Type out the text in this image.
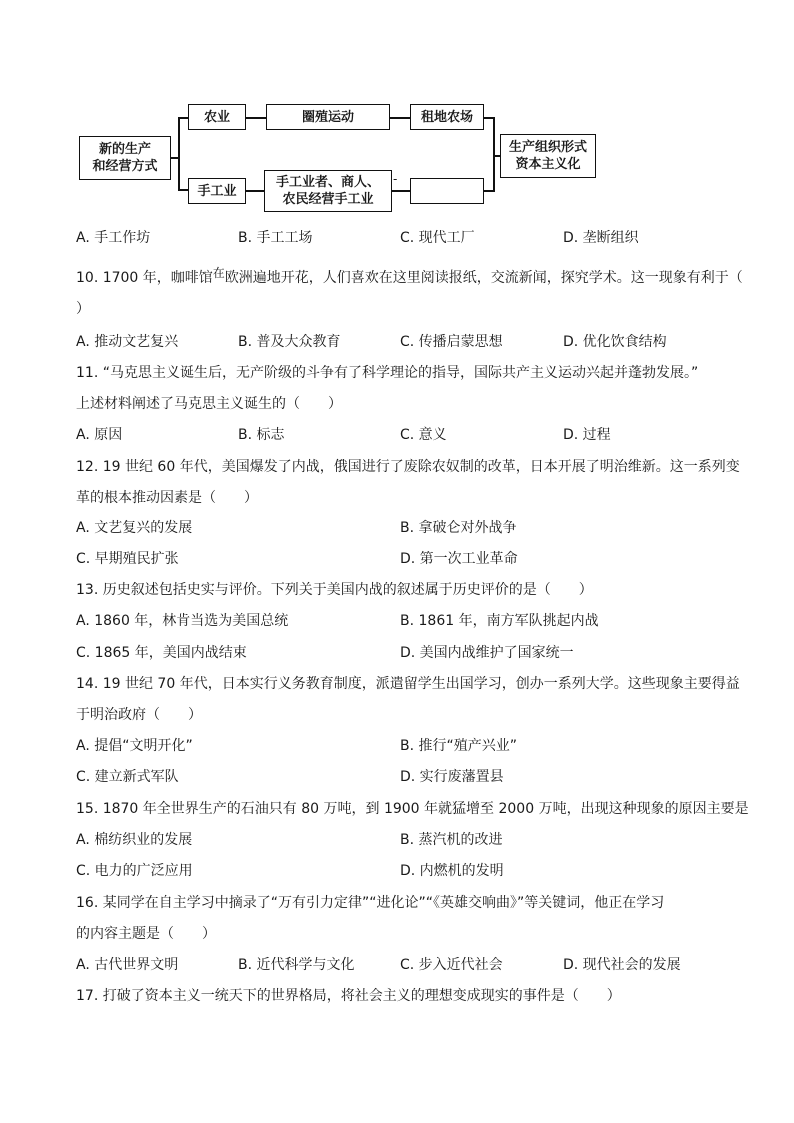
新的生产
和经营方式
农业	圈殖运动	租地农场
手工业
手工业者、商人、
农民经营手工业
-
生产组织形式
资本主义化
A. 手工作坊	B. 手工工场	C. 现代工厂	D. 垄断组织
10. 1700 年，咖啡馆在欧洲遍地开花，人们喜欢在这里阅读报纸，交流新闻，探究学术。这一现象有利于（
）
A. 推动文艺复兴	B. 普及大众教育	C. 传播启蒙思想	D. 优化饮食结构
11. “马克思主义诞生后，无产阶级的斗争有了科学理论的指导，国际共产主义运动兴起并蓬勃发展。”
上述材料阐述了马克思主义诞生的（　　）
A. 原因	B. 标志	C. 意义	D. 过程
12. 19 世纪 60 年代，美国爆发了内战，俄国进行了废除农奴制的改革，日本开展了明治维新。这一系列变
革的根本推动因素是（　　）
A. 文艺复兴的发展	B. 拿破仑对外战争
C. 早期殖民扩张	D. 第一次工业革命
13. 历史叙述包括史实与评价。下列关于美国内战的叙述属于历史评价的是（　　）
A. 1860 年，林肯当选为美国总统	B. 1861 年，南方军队挑起内战
C. 1865 年，美国内战结束	D. 美国内战维护了国家统一
14. 19 世纪 70 年代，日本实行义务教育制度，派遣留学生出国学习，创办一系列大学。这些现象主要得益
于明治政府（　　）
A. 提倡“文明开化”	B. 推行“殖产兴业”
C. 建立新式军队	D. 实行废藩置县
15. 1870 年全世界生产的石油只有 80 万吨，到 1900 年就猛增至 2000 万吨，出现这种现象的原因主要是
A. 棉纺织业的发展	B. 蒸汽机的改进
C. 电力的广泛应用	D. 内燃机的发明
16. 某同学在自主学习中摘录了“万有引力定律”“进化论”“《英雄交响曲》”等关键词，他正在学习
的内容主题是（　　）
A. 古代世界文明	B. 近代科学与文化	C. 步入近代社会	D. 现代社会的发展
17. 打破了资本主义一统天下的世界格局，将社会主义的理想变成现实的事件是（　　）
